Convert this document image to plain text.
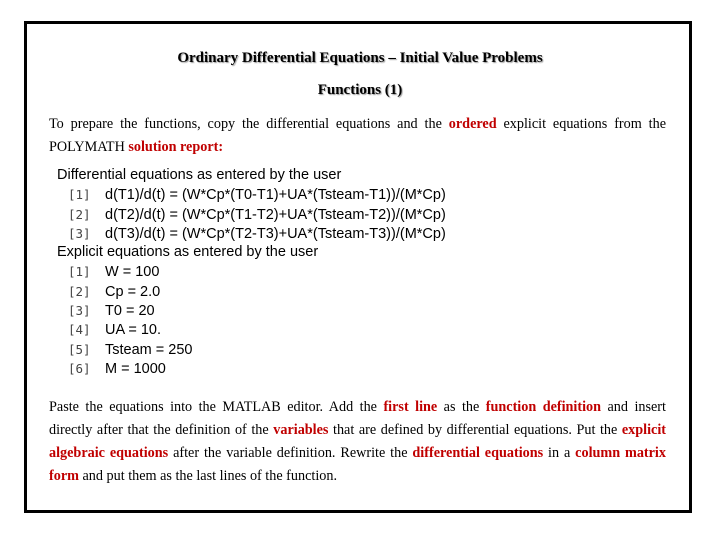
Ordinary Differential Equations – Initial Value Problems
Functions (1)

To prepare the functions, copy the differential equations and the ordered explicit equations from the POLYMATH solution report:

Differential equations as entered by the user
[1] d(T1)/d(t) = (W*Cp*(T0-T1)+UA*(Tsteam-T1))/(M*Cp)
[2] d(T2)/d(t) = (W*Cp*(T1-T2)+UA*(Tsteam-T2))/(M*Cp)
[3] d(T3)/d(t) = (W*Cp*(T2-T3)+UA*(Tsteam-T3))/(M*Cp)
Explicit equations as entered by the user
[1] W = 100
[2] Cp = 2.0
[3] T0 = 20
[4] UA = 10.
[5] Tsteam = 250
[6] M = 1000

Paste the equations into the MATLAB editor. Add the first line as the function definition and insert directly after that the definition of the variables that are defined by differential equations. Put the explicit algebraic equations after the variable definition. Rewrite the differential equations in a column matrix form and put them as the last lines of the function.
